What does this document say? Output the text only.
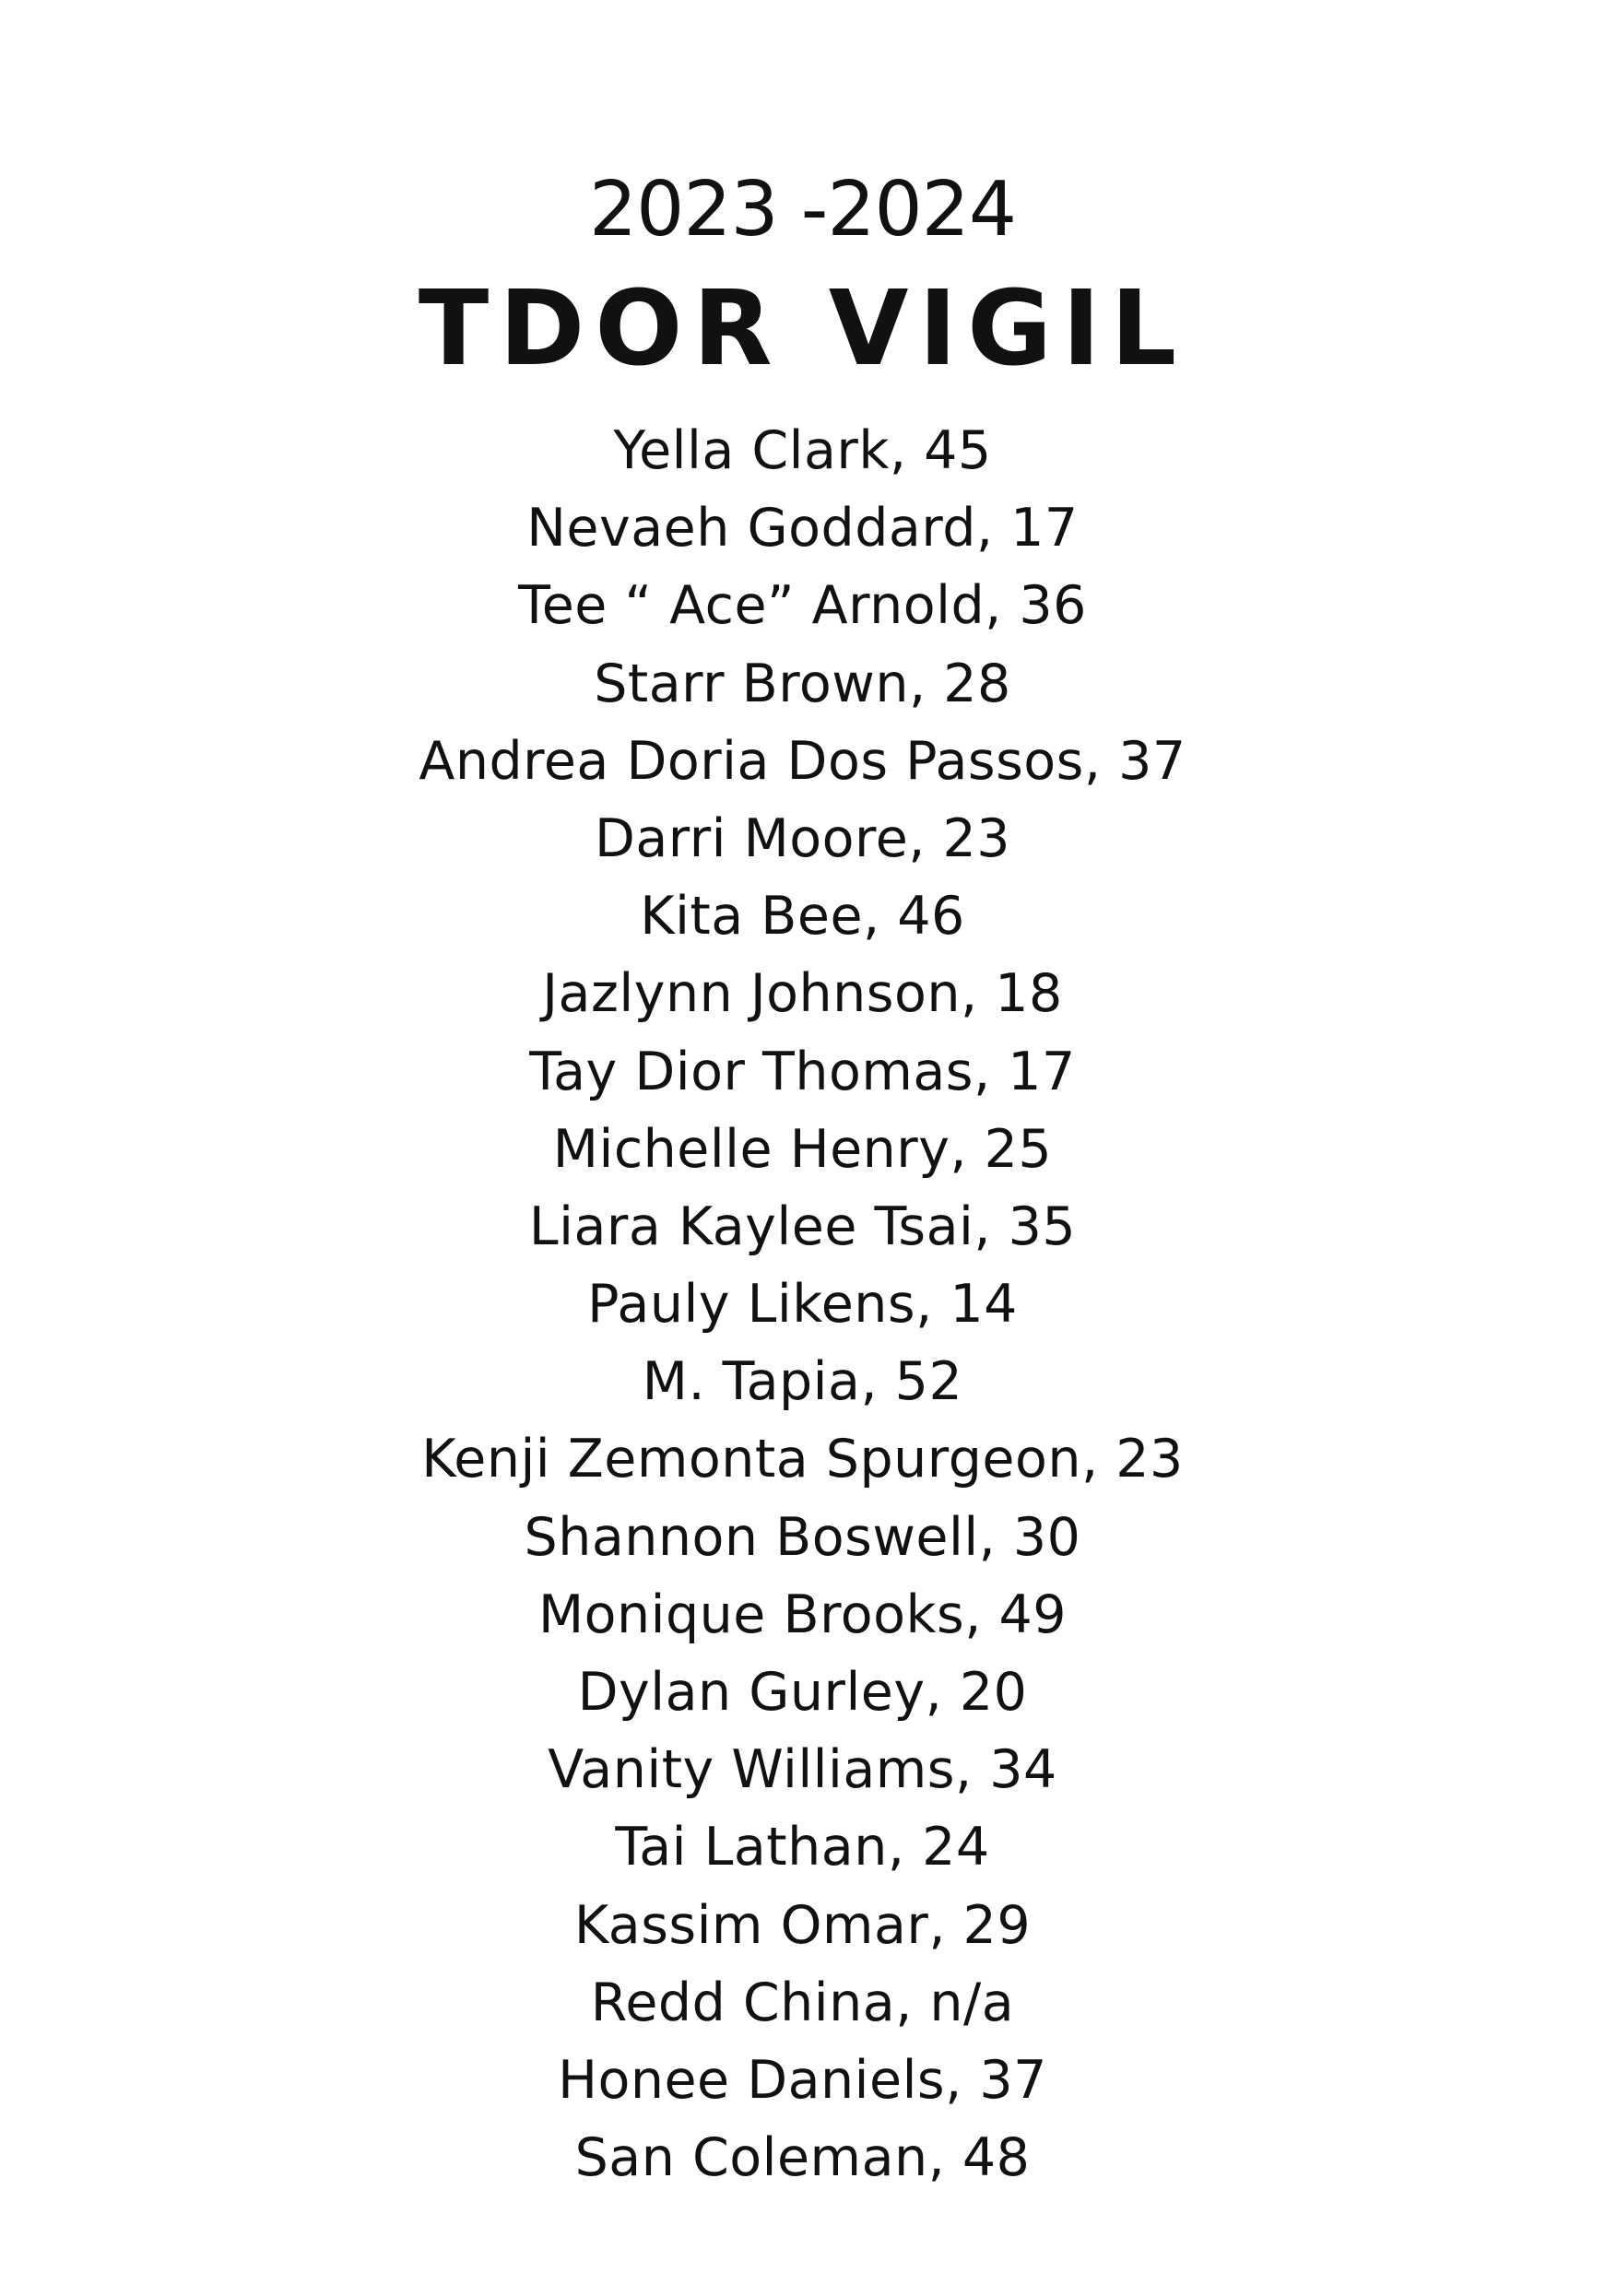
2023 -2024
TDOR VIGIL
Yella Clark, 45
Nevaeh Goddard, 17
Tee “ Ace” Arnold, 36
Starr Brown, 28
Andrea Doria Dos Passos, 37
Darri Moore, 23
Kita Bee, 46
Jazlynn Johnson, 18
Tay Dior Thomas, 17
Michelle Henry, 25
Liara Kaylee Tsai, 35
Pauly Likens, 14
M. Tapia, 52
Kenji Zemonta Spurgeon, 23
Shannon Boswell, 30
Monique Brooks, 49
Dylan Gurley, 20
Vanity Williams, 34
Tai Lathan, 24
Kassim Omar, 29
Redd China, n/a
Honee Daniels, 37
San Coleman, 48
